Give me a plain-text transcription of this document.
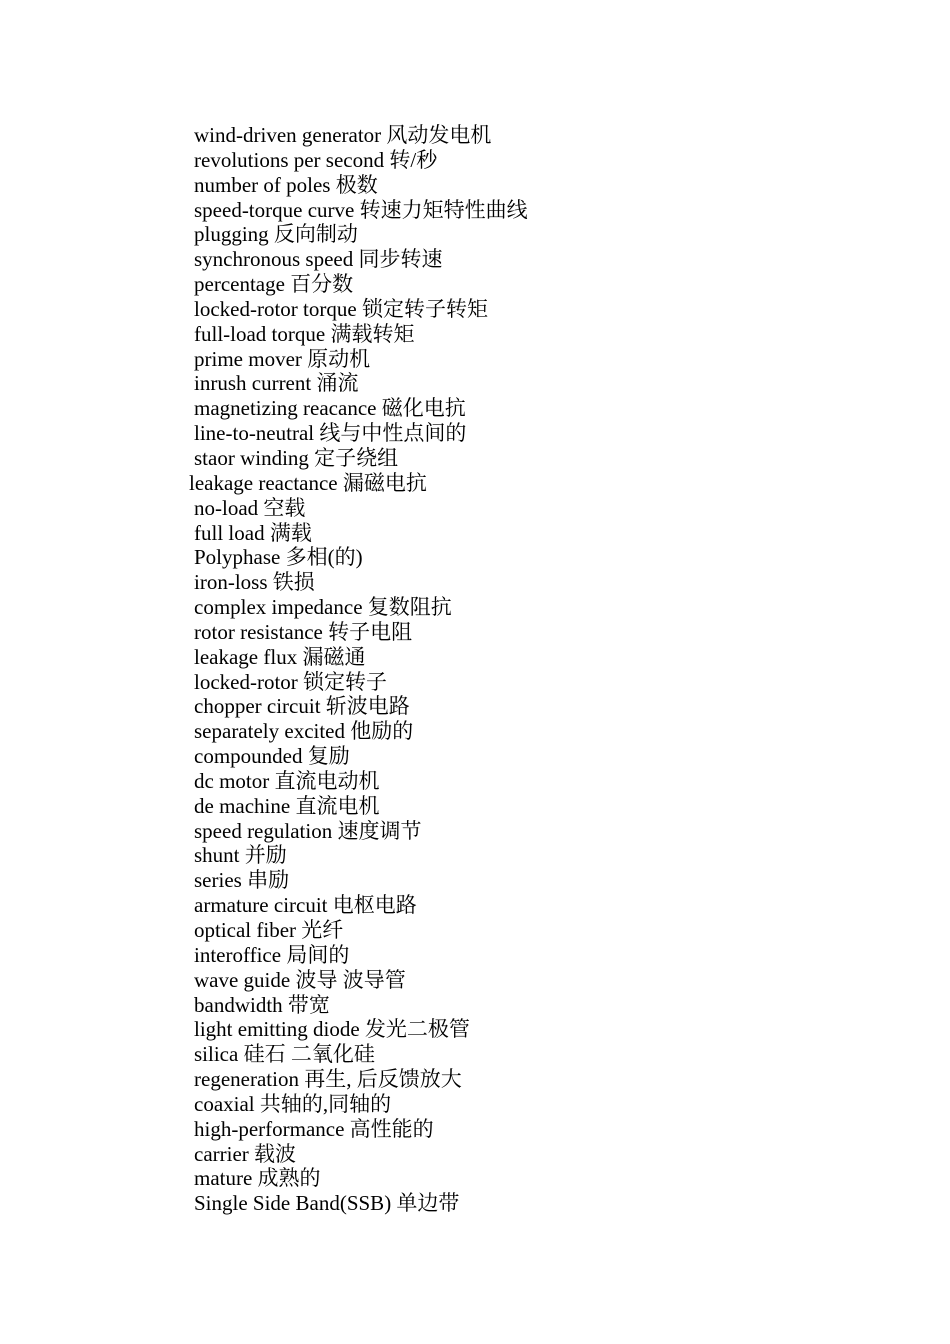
wind-driven generator 风动发电机
revolutions per second 转/秒
number of poles 极数
speed-torque curve 转速力矩特性曲线
plugging 反向制动
synchronous speed 同步转速
percentage 百分数
locked-rotor torque 锁定转子转矩
full-load torque 满载转矩
prime mover 原动机
inrush current 涌流
magnetizing reacance 磁化电抗
line-to-neutral 线与中性点间的
staor winding 定子绕组
leakage reactance 漏磁电抗
no-load 空载
full load 满载
Polyphase 多相(的)
iron-loss 铁损
complex impedance 复数阻抗
rotor resistance 转子电阻
leakage flux 漏磁通
locked-rotor 锁定转子
chopper circuit 斩波电路
separately excited 他励的
compounded 复励
dc motor 直流电动机
de machine 直流电机
speed regulation 速度调节
shunt 并励
series 串励
armature circuit 电枢电路
optical fiber 光纤
interoffice 局间的
wave guide 波导 波导管
bandwidth 带宽
light emitting diode 发光二极管
silica 硅石 二氧化硅
regeneration 再生, 后反馈放大
coaxial 共轴的,同轴的
high-performance 高性能的
carrier 载波
mature 成熟的
Single Side Band(SSB) 单边带
